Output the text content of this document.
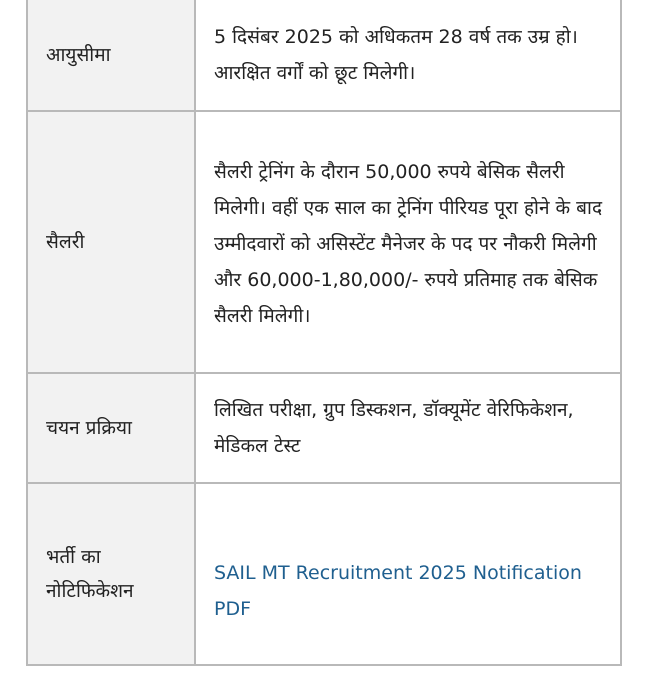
आयुसीमा	5 दिसंबर 2025 को अधिकतम 28 वर्ष तक उम्र हो। आरक्षित वर्गों को छूट मिलेगी।
सैलरी	सैलरी ट्रेनिंग के दौरान 50,000 रुपये बेसिक सैलरी मिलेगी। वहीं एक साल का ट्रेनिंग पीरियड पूरा होने के बाद उम्मीदवारों को असिस्टेंट मैनेजर के पद पर नौकरी मिलेगी और 60,000-1,80,000/- रुपये प्रतिमाह तक बेसिक सैलरी मिलेगी।
चयन प्रक्रिया	लिखित परीक्षा, ग्रुप डिस्कशन, डॉक्यूमेंट वेरिफिकेशन, मेडिकल टेस्ट
भर्ती का नोटिफिकेशन	SAIL MT Recruitment 2025 Notification PDF
